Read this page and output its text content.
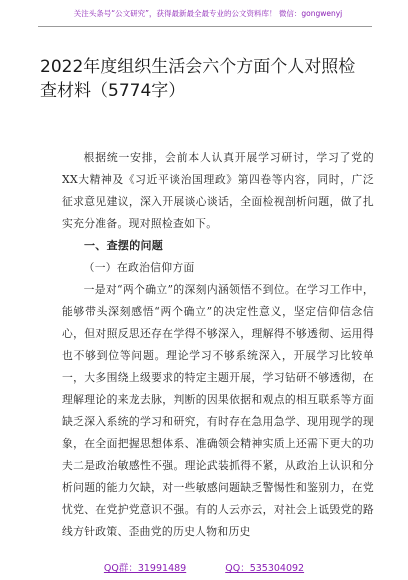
关注头条号“公文研究”，获得最新最全最专业的公文资料库！ 微信：gongwenyj
2022年度组织生活会六个方面个人对照检查材料（5774字）

根据统一安排，会前本人认真开展学习研讨，学习了党的XX大精神及《习近平谈治国理政》第四卷等内容，同时，广泛征求意见建议，深入开展谈心谈话，全面检视剖析问题，做了扎实充分准备。现对照检查如下。

一、查摆的问题

（一）在政治信仰方面

一是对“两个确立”的深刻内涵领悟不到位。在学习工作中，能够带头深刻感悟“两个确立”的决定性意义，坚定信仰信念信心，但对照反思还存在学得不够深入，理解得不够透彻、运用得也不够到位等问题。理论学习不够系统深入，开展学习比较单一，大多围绕上级要求的特定主题开展，学习钻研不够透彻，在理解理论的来龙去脉，判断的因果依据和观点的相互联系等方面缺乏深入系统的学习和研究，有时存在急用急学、现用现学的现象，在全面把握思想体系、准确领会精神实质上还需下更大的功夫二是政治敏感性不强。理论武装抓得不紧，从政治上认识和分析问题的能力欠缺，对一些敏感问题缺乏警惕性和鉴别力，在党忧党、在党护党意识不强。有的人云亦云，对社会上诋毁党的路线方针政策、歪曲党的历史人物和历史

QQ群：31991489	QQ：535304092
